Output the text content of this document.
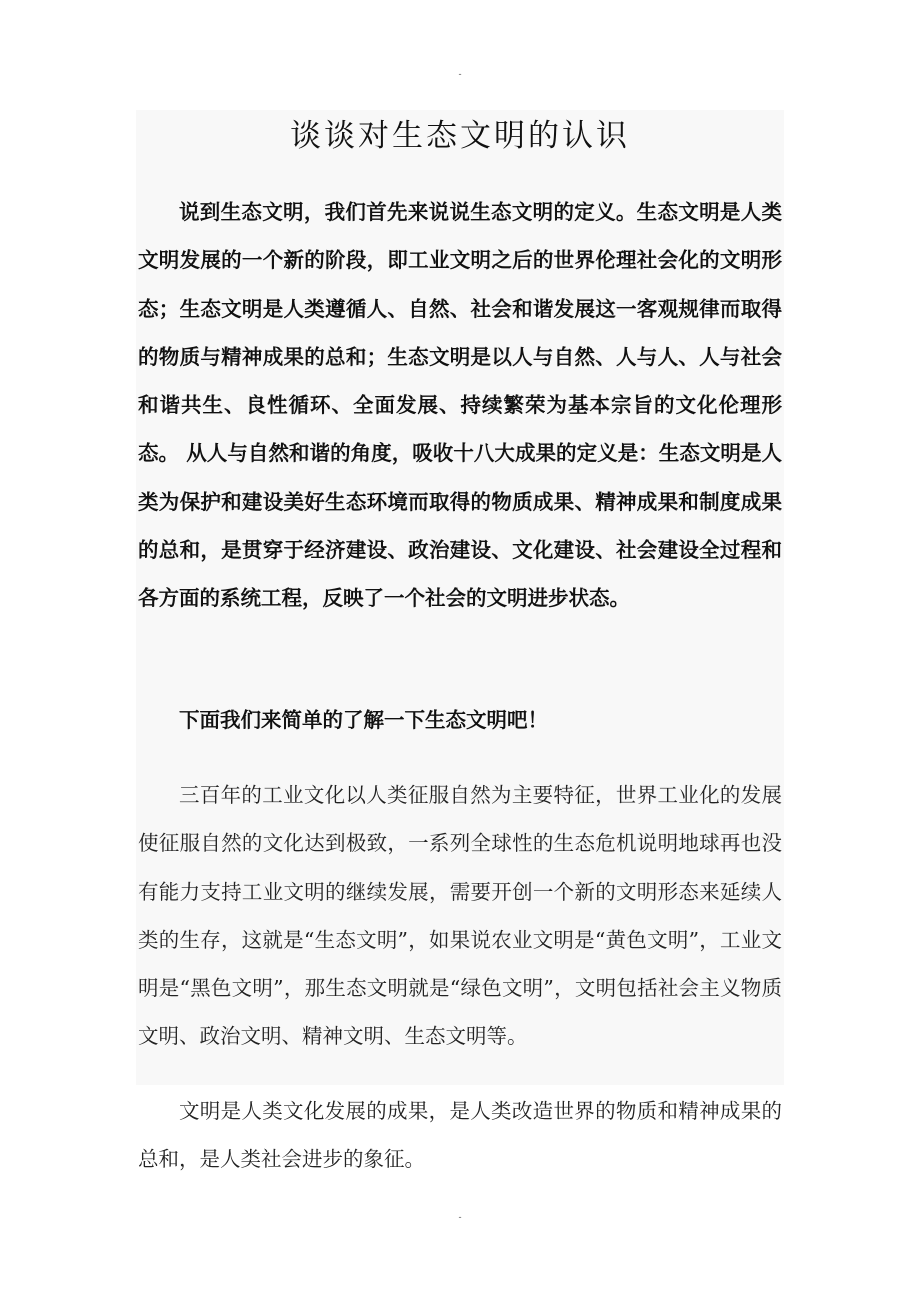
-
谈谈对生态文明的认识

说到生态文明，我们首先来说说生态文明的定义。生态文明是人类文明发展的一个新的阶段，即工业文明之后的世界伦理社会化的文明形态；生态文明是人类遵循人、自然、社会和谐发展这一客观规律而取得的物质与精神成果的总和；生态文明是以人与自然、人与人、人与社会和谐共生、良性循环、全面发展、持续繁荣为基本宗旨的文化伦理形态。 从人与自然和谐的角度，吸收十八大成果的定义是：生态文明是人类为保护和建设美好生态环境而取得的物质成果、精神成果和制度成果的总和，是贯穿于经济建设、政治建设、文化建设、社会建设全过程和各方面的系统工程，反映了一个社会的文明进步状态。

下面我们来简单的了解一下生态文明吧！

三百年的工业文化以人类征服自然为主要特征，世界工业化的发展使征服自然的文化达到极致，一系列全球性的生态危机说明地球再也没有能力支持工业文明的继续发展，需要开创一个新的文明形态来延续人类的生存，这就是“生态文明”，如果说农业文明是“黄色文明”，工业文明是“黑色文明”，那生态文明就是“绿色文明”，文明包括社会主义物质文明、政治文明、精神文明、生态文明等。

文明是人类文化发展的成果，是人类改造世界的物质和精神成果的总和，是人类社会进步的象征。

-
